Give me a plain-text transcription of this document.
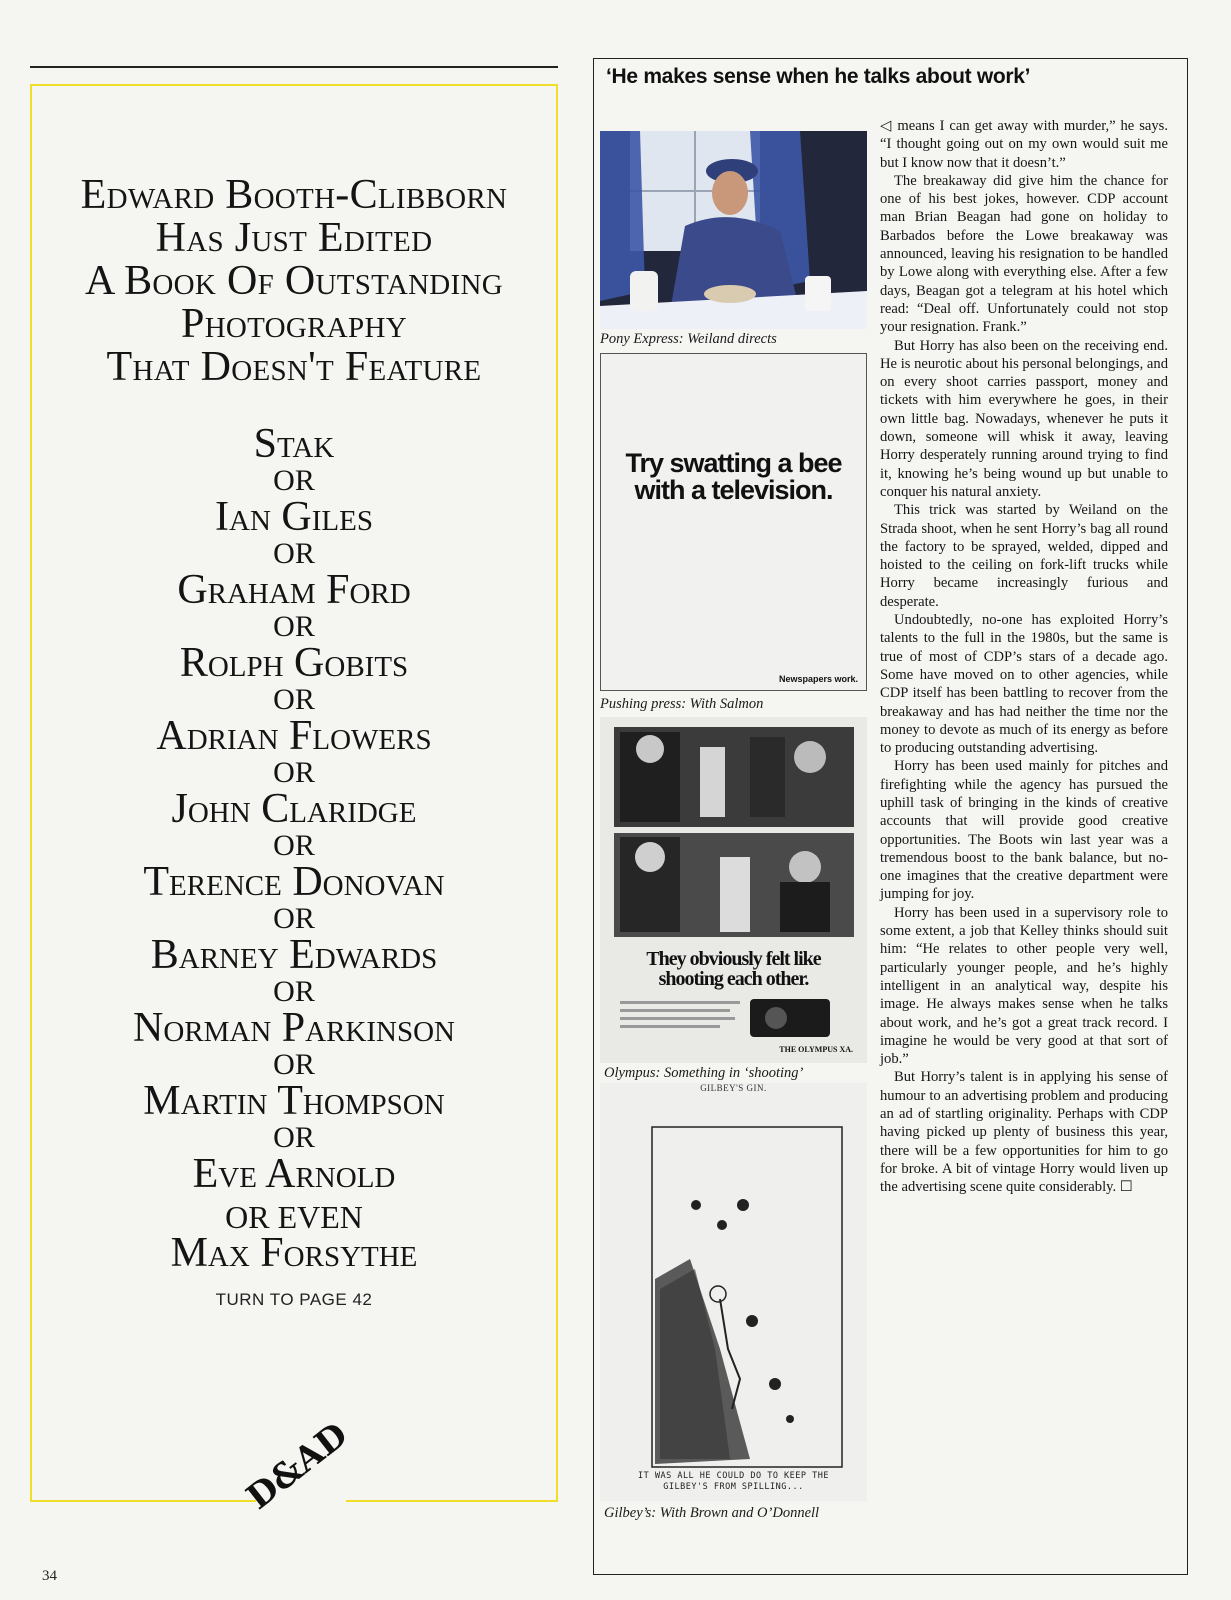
Edward Booth-Clibborn
Has Just Edited
A Book Of Outstanding
Photography
That Doesn't Feature
Stak
OR
Ian Giles
OR
Graham Ford
OR
Rolph Gobits
OR
Adrian Flowers
OR
John Claridge
OR
Terence Donovan
OR
Barney Edwards
OR
Norman Parkinson
OR
Martin Thompson
OR
Eve Arnold
OR EVEN
Max Forsythe
TURN TO PAGE 42
D&AD
34
‘He makes sense when he talks about work’
Pony Express: Weiland directs
Try swatting a bee with a television.
Newspapers work.
Pushing press: With Salmon
They obviously felt like shooting each other.
THE OLYMPUS XA.
Olympus: Something in ‘shooting’
GILBEY'S GIN.
IT WAS ALL HE COULD DO TO KEEP THE GILBEY'S FROM SPILLING...
Gilbey’s: With Brown and O’Donnell

◁ means I can get away with murder,” he says. “I thought going out on my own would suit me but I know now that it doesn’t.”

The breakaway did give him the chance for one of his best jokes, however. CDP account man Brian Beagan had gone on holiday to Barbados before the Lowe breakaway was announced, leaving his resignation to be handled by Lowe along with everything else. After a few days, Beagan got a telegram at his hotel which read: “Deal off. Unfortunately could not stop your resignation. Frank.”

But Horry has also been on the receiving end. He is neurotic about his personal belongings, and on every shoot carries passport, money and tickets with him everywhere he goes, in their own little bag. Nowadays, whenever he puts it down, someone will whisk it away, leaving Horry desperately running around trying to find it, knowing he’s being wound up but unable to conquer his natural anxiety.

This trick was started by Weiland on the Strada shoot, when he sent Horry’s bag all round the factory to be sprayed, welded, dipped and hoisted to the ceiling on fork-lift trucks while Horry became increasingly furious and desperate.

Undoubtedly, no-one has exploited Horry’s talents to the full in the 1980s, but the same is true of most of CDP’s stars of a decade ago. Some have moved on to other agencies, while CDP itself has been battling to recover from the breakaway and has had neither the time nor the money to devote as much of its energy as before to producing outstanding advertising.

Horry has been used mainly for pitches and firefighting while the agency has pursued the uphill task of bringing in the kinds of creative accounts that will provide good creative opportunities. The Boots win last year was a tremendous boost to the bank balance, but no-one imagines that the creative department were jumping for joy.

Horry has been used in a supervisory role to some extent, a job that Kelley thinks should suit him: “He relates to other people very well, particularly younger people, and he’s highly intelligent in an analytical way, despite his image. He always makes sense when he talks about work, and he’s got a great track record. I imagine he would be very good at that sort of job.”

But Horry’s talent is in applying his sense of humour to an advertising problem and producing an ad of startling originality. Perhaps with CDP having picked up plenty of business this year, there will be a few opportunities for him to go for broke. A bit of vintage Horry would liven up the advertising scene quite considerably. ☐
